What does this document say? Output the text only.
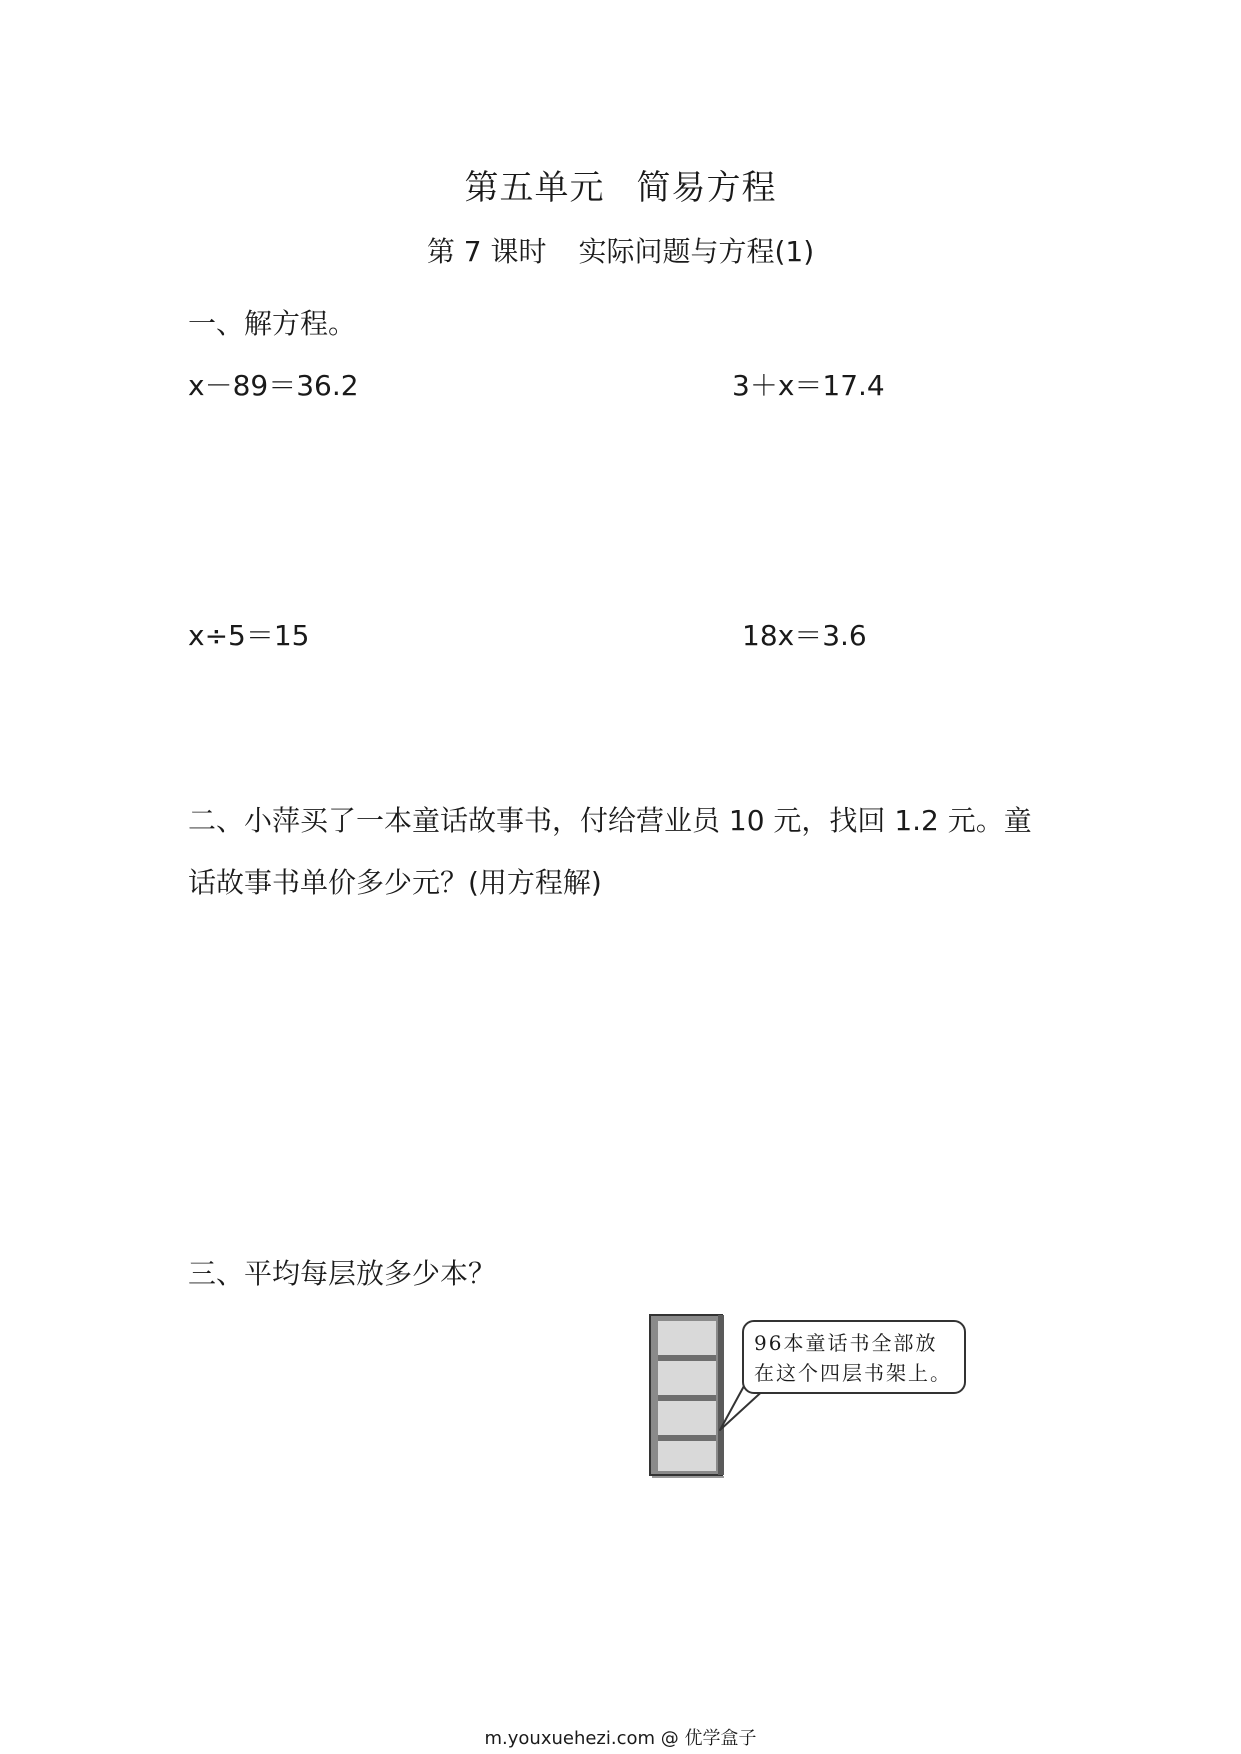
第五单元 简易方程
第 7 课时 实际问题与方程(1)
一、解方程。
x－89＝36.2	3＋x＝17.4
x÷5＝15	18x＝3.6
二、小萍买了一本童话故事书，付给营业员 10 元，找回 1.2 元。童
话故事书单价多少元？(用方程解)
三、平均每层放多少本？
96本童话书全部放
在这个四层书架上。
m.youxuehezi.com @ 优学盒子
